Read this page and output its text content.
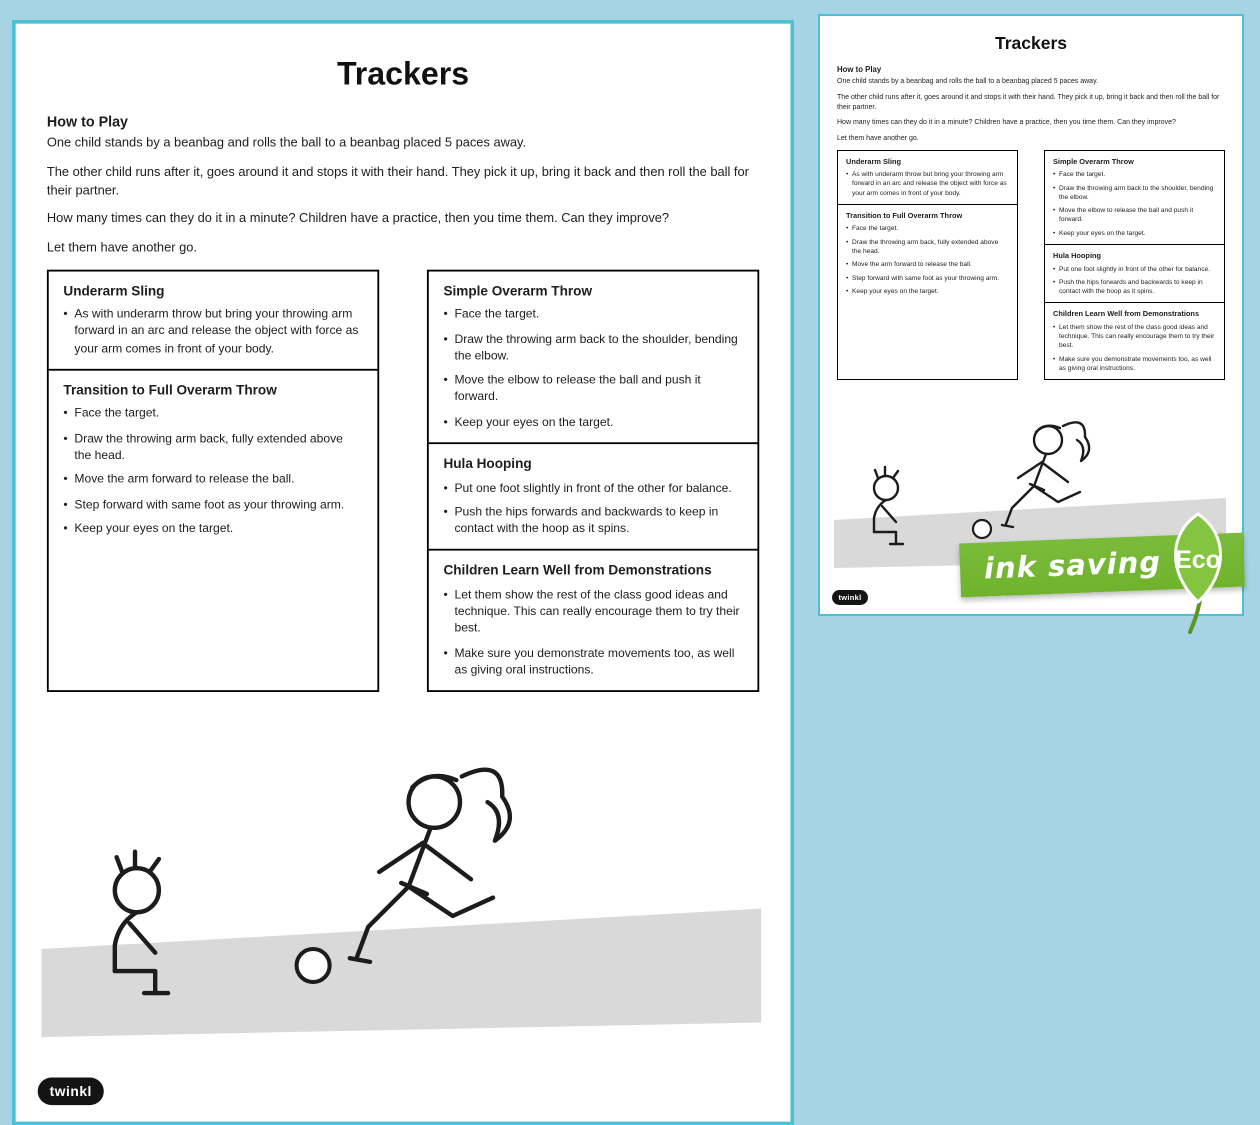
Trackers
How to Play

One child stands by a beanbag and rolls the ball to a beanbag placed 5 paces away.

The other child runs after it, goes around it and stops it with their hand. They pick it up, bring it back and then roll the ball for their partner.

How many times can they do it in a minute? Children have a practice, then you time them. Can they improve?

Let them have another go.

Underarm Sling
• As with underarm throw but bring your throwing arm forward in an arc and release the object with force as your arm comes in front of your body.
Transition to Full Overarm Throw
• Face the target.
• Draw the throwing arm back, fully extended above the head.
• Move the arm forward to release the ball.
• Step forward with same foot as your throwing arm.
• Keep your eyes on the target.
Simple Overarm Throw
• Face the target.
• Draw the throwing arm back to the shoulder, bending the elbow.
• Move the elbow to release the ball and push it forward.
• Keep your eyes on the target.
Hula Hooping
• Put one foot slightly in front of the other for balance.
• Push the hips forwards and backwards to keep in contact with the hoop as it spins.
Children Learn Well from Demonstrations
• Let them show the rest of the class good ideas and technique. This can really encourage them to try their best.
• Make sure you demonstrate movements too, as well as giving oral instructions.
twinkl
Trackers
How to Play

One child stands by a beanbag and rolls the ball to a beanbag placed 5 paces away.

The other child runs after it, goes around it and stops it with their hand. They pick it up, bring it back and then roll the ball for their partner.

How many times can they do it in a minute? Children have a practice, then you time them. Can they improve?

Let them have another go.

Underarm Sling
• As with underarm throw but bring your throwing arm forward in an arc and release the object with force as your arm comes in front of your body.
Transition to Full Overarm Throw
• Face the target.
• Draw the throwing arm back, fully extended above the head.
• Move the arm forward to release the ball.
• Step forward with same foot as your throwing arm.
• Keep your eyes on the target.
Simple Overarm Throw
• Face the target.
• Draw the throwing arm back to the shoulder, bending the elbow.
• Move the elbow to release the ball and push it forward.
• Keep your eyes on the target.
Hula Hooping
• Put one foot slightly in front of the other for balance.
• Push the hips forwards and backwards to keep in contact with the hoop as it spins.
Children Learn Well from Demonstrations
• Let them show the rest of the class good ideas and technique. This can really encourage them to try their best.
• Make sure you demonstrate movements too, as well as giving oral instructions.
twinkl
ink saving Eco
